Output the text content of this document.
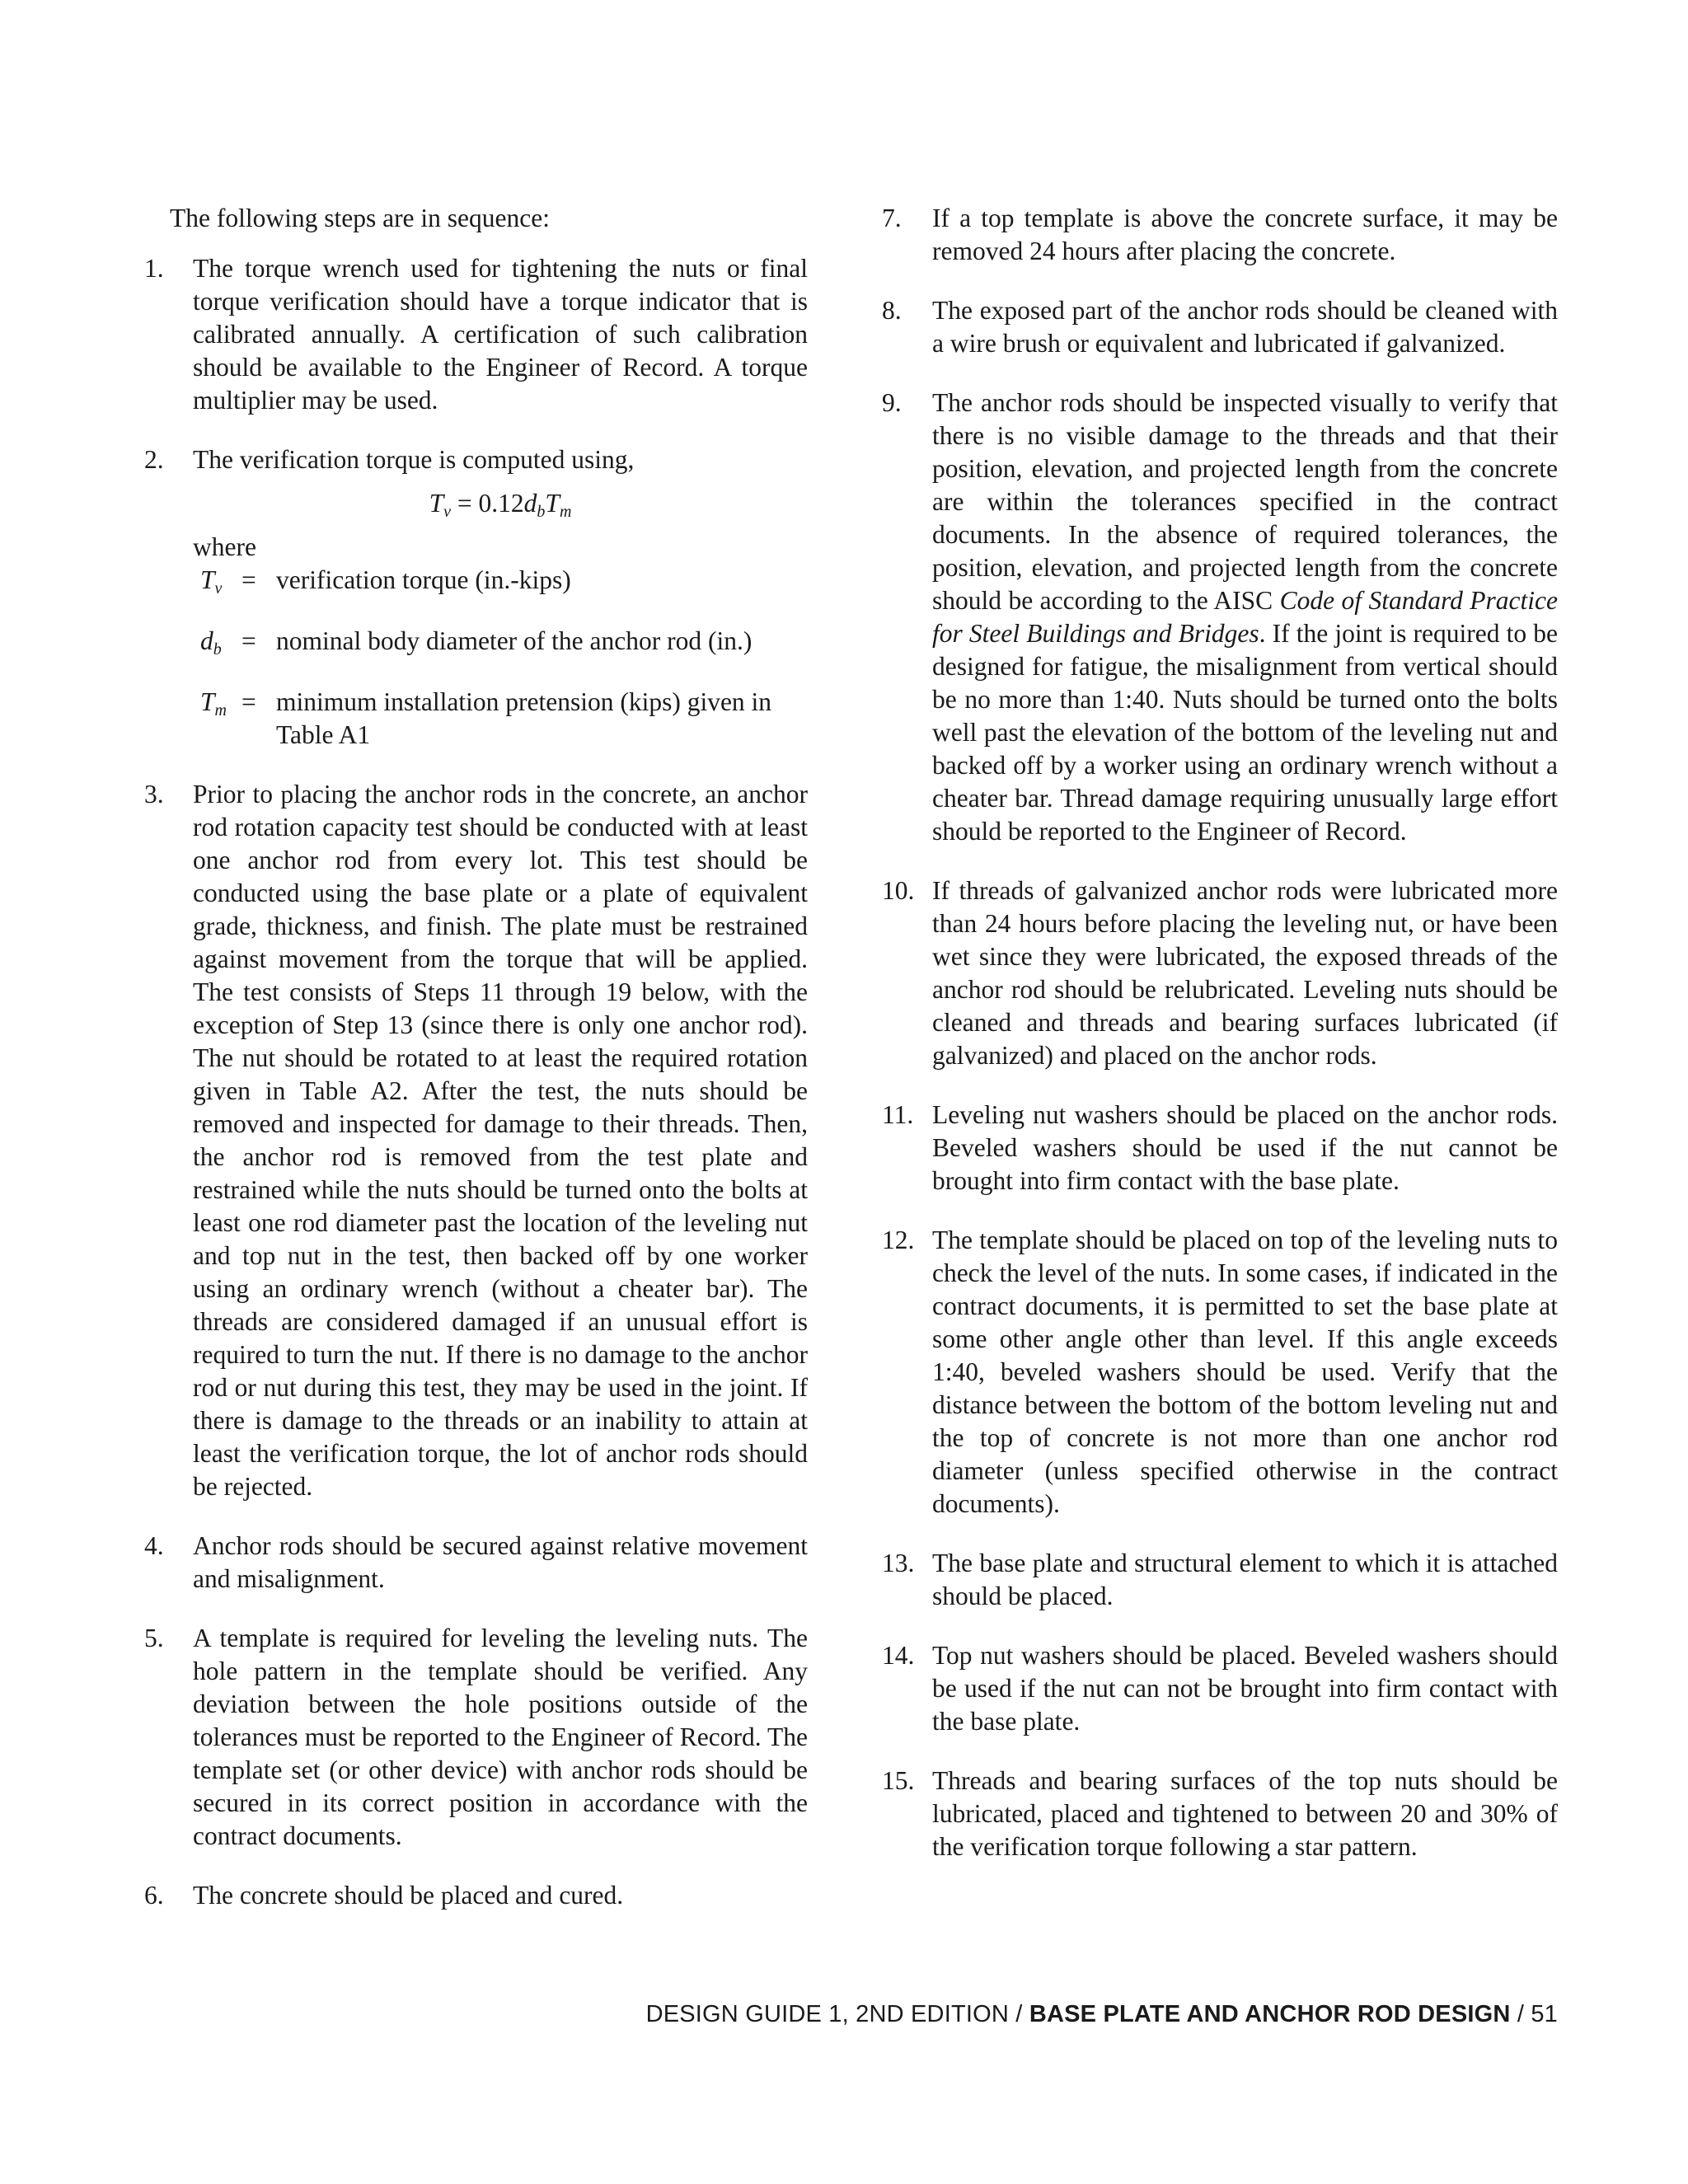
The following steps are in sequence:

1.	The torque wrench used for tightening the nuts or final torque verification should have a torque indicator that is calibrated annually. A certification of such calibration should be available to the Engineer of Record. A torque multiplier may be used.

2.	The verification torque is computed using,

$T_v = 0.12d_bT_m$

where

$T_v$ = verification torque (in.-kips)
$d_b$ = nominal body diameter of the anchor rod (in.)
$T_m$ = minimum installation pretension (kips) given in Table A1
3.	Prior to placing the anchor rods in the concrete, an anchor rod rotation capacity test should be conducted with at least one anchor rod from every lot. This test should be conducted using the base plate or a plate of equivalent grade, thickness, and finish. The plate must be restrained against movement from the torque that will be applied. The test consists of Steps 11 through 19 below, with the exception of Step 13 (since there is only one anchor rod). The nut should be rotated to at least the required rotation given in Table A2. After the test, the nuts should be removed and inspected for damage to their threads. Then, the anchor rod is removed from the test plate and restrained while the nuts should be turned onto the bolts at least one rod diameter past the location of the leveling nut and top nut in the test, then backed off by one worker using an ordinary wrench (without a cheater bar). The threads are considered damaged if an unusual effort is required to turn the nut. If there is no damage to the anchor rod or nut during this test, they may be used in the joint. If there is damage to the threads or an inability to attain at least the verification torque, the lot of anchor rods should be rejected.

4.	Anchor rods should be secured against relative movement and misalignment.

5.	A template is required for leveling the leveling nuts. The hole pattern in the template should be verified. Any deviation between the hole positions outside of the tolerances must be reported to the Engineer of Record. The template set (or other device) with anchor rods should be secured in its correct position in accordance with the contract documents.

6.	The concrete should be placed and cured.

7.	If a top template is above the concrete surface, it may be removed 24 hours after placing the concrete.

8.	The exposed part of the anchor rods should be cleaned with a wire brush or equivalent and lubricated if galvanized.

9.	The anchor rods should be inspected visually to verify that there is no visible damage to the threads and that their position, elevation, and projected length from the concrete are within the tolerances specified in the contract documents. In the absence of required tolerances, the position, elevation, and projected length from the concrete should be according to the AISC Code of Standard Practice for Steel Buildings and Bridges. If the joint is required to be designed for fatigue, the misalignment from vertical should be no more than 1:40. Nuts should be turned onto the bolts well past the elevation of the bottom of the leveling nut and backed off by a worker using an ordinary wrench without a cheater bar. Thread damage requiring unusually large effort should be reported to the Engineer of Record.

10. If threads of galvanized anchor rods were lubricated more than 24 hours before placing the leveling nut, or have been wet since they were lubricated, the exposed threads of the anchor rod should be relubricated. Leveling nuts should be cleaned and threads and bearing surfaces lubricated (if galvanized) and placed on the anchor rods.

11. Leveling nut washers should be placed on the anchor rods. Beveled washers should be used if the nut cannot be brought into firm contact with the base plate.

12. The template should be placed on top of the leveling nuts to check the level of the nuts. In some cases, if indicated in the contract documents, it is permitted to set the base plate at some other angle other than level. If this angle exceeds 1:40, beveled washers should be used. Verify that the distance between the bottom of the bottom leveling nut and the top of concrete is not more than one anchor rod diameter (unless specified otherwise in the contract documents).

13. The base plate and structural element to which it is attached should be placed.

14. Top nut washers should be placed. Beveled washers should be used if the nut can not be brought into firm contact with the base plate.

15. Threads and bearing surfaces of the top nuts should be lubricated, placed and tightened to between 20 and 30% of the verification torque following a star pattern.

DESIGN GUIDE 1, 2ND EDITION / BASE PLATE AND ANCHOR ROD DESIGN / 51
